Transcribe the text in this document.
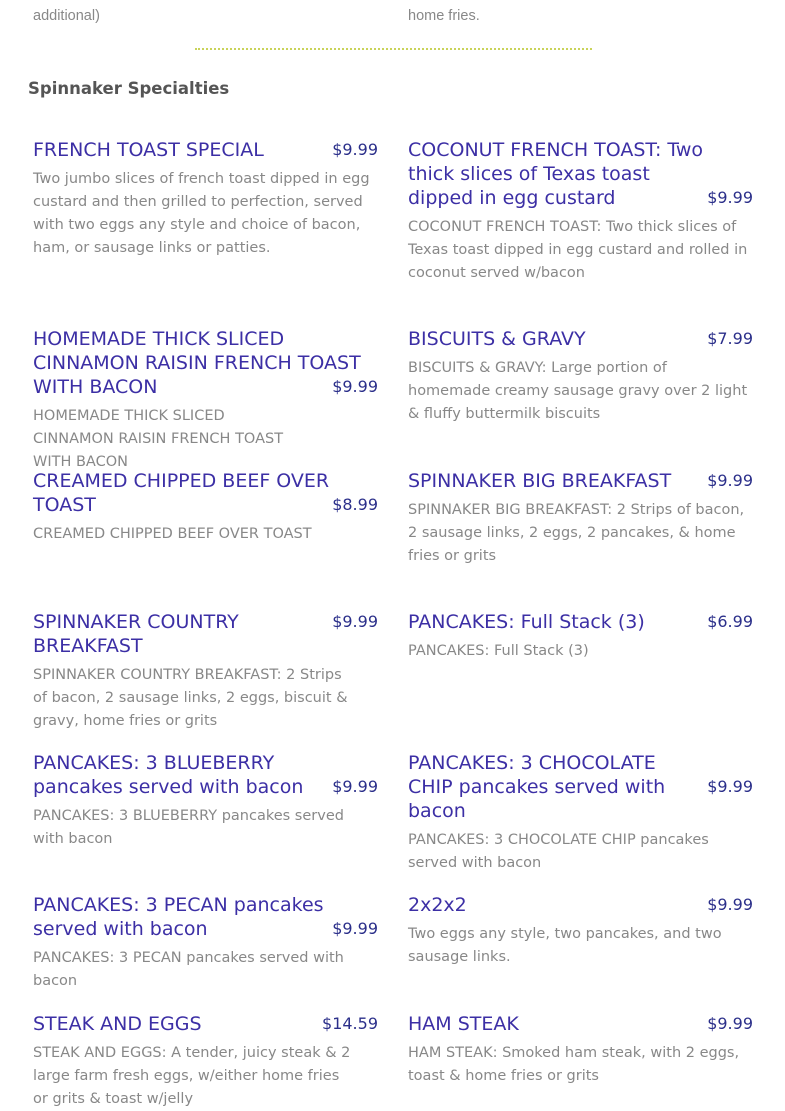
additional)	home fries.
Spinnaker Specialties
FRENCH TOAST SPECIAL	$9.99
Two jumbo slices of french toast dipped in egg custard and then grilled to perfection, served with two eggs any style and choice of bacon, ham, or sausage links or patties.
COCONUT FRENCH TOAST: Two thick slices of Texas toast dipped in egg custard	$9.99
COCONUT FRENCH TOAST: Two thick slices of Texas toast dipped in egg custard and rolled in coconut served w/bacon
HOMEMADE THICK SLICED CINNAMON RAISIN FRENCH TOAST WITH BACON	$9.99
HOMEMADE THICK SLICED CINNAMON RAISIN FRENCH TOAST WITH BACON
BISCUITS & GRAVY	$7.99
BISCUITS & GRAVY: Large portion of homemade creamy sausage gravy over 2 light & fluffy buttermilk biscuits
CREAMED CHIPPED BEEF OVER TOAST	$8.99
CREAMED CHIPPED BEEF OVER TOAST
SPINNAKER BIG BREAKFAST	$9.99
SPINNAKER BIG BREAKFAST: 2 Strips of bacon, 2 sausage links, 2 eggs, 2 pancakes, & home fries or grits
SPINNAKER COUNTRY BREAKFAST
$9.99
SPINNAKER COUNTRY BREAKFAST: 2 Strips of bacon, 2 sausage links, 2 eggs, biscuit & gravy, home fries or grits
PANCAKES: Full Stack (3)	$6.99
PANCAKES: Full Stack (3)
PANCAKES: 3 BLUEBERRY pancakes served with bacon	$9.99
PANCAKES: 3 BLUEBERRY pancakes served with bacon
PANCAKES: 3 CHOCOLATE CHIP pancakes served with bacon
$9.99
PANCAKES: 3 CHOCOLATE CHIP pancakes served with bacon
PANCAKES: 3 PECAN pancakes served with bacon	$9.99
PANCAKES: 3 PECAN pancakes served with bacon
2x2x2	$9.99
Two eggs any style, two pancakes, and two sausage links.
STEAK AND EGGS	$14.59
STEAK AND EGGS: A tender, juicy steak & 2 large farm fresh eggs, w/either home fries or grits & toast w/jelly
HAM STEAK	$9.99
HAM STEAK: Smoked ham steak, with 2 eggs, toast & home fries or grits
